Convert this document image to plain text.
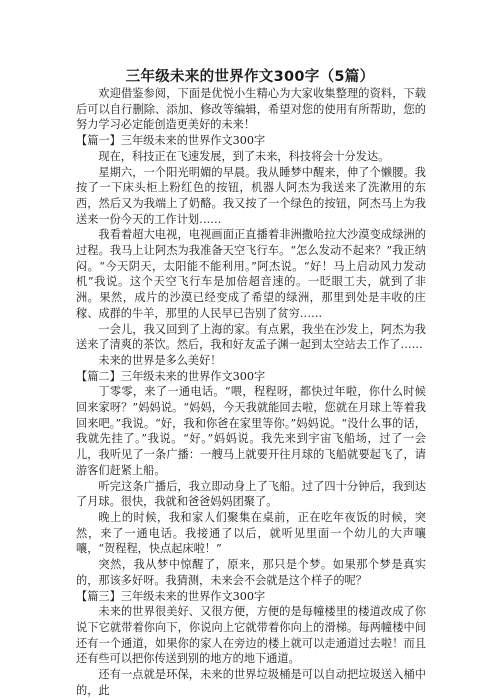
三年级未来的世界作文300字（5篇）

欢迎借鉴参阅，下面是优悦小生精心为大家收集整理的资料，下载后可以自行删除、添加、修改等编辑，希望对您的使用有所帮助，您的努力学习必定能创造更美好的未来！

【篇一】三年级未来的世界作文300字

现在，科技正在飞速发展，到了未来，科技将会十分发达。

星期六，一个阳光明媚的早晨。我从睡梦中醒来，伸了个懒腰。我按了一下床头柜上粉红色的按钮，机器人阿杰为我送来了洗漱用的东西，然后又为我端上了奶酪。我又按了一个绿色的按钮，阿杰马上为我送来一份今天的工作计划……

我看着超大电视，电视画面正直播着非洲撒哈拉大沙漠变成绿洲的过程。我马上让阿杰为我准备天空飞行车。“怎么发动不起来？”我正纳闷。“今天阴天，太阳能不能利用。”阿杰说。“好！马上启动风力发动机”我说。这个天空飞行车是加倍超音速的。一眨眼工夫，就到了非洲。果然，成片的沙漠已经变成了希望的绿洲，那里到处是丰收的庄稼、成群的牛羊，那里的人民早已告别了贫穷……

一会儿，我又回到了上海的家。有点累，我坐在沙发上，阿杰为我送来了清爽的茶饮。然后，我和好友孟子渊一起到太空站去工作了……

未来的世界是多么美好！

【篇二】三年级未来的世界作文300字

丁零零，来了一通电话。“喂，程程呀，都快过年啦，你什么时候回来家呀？”妈妈说。“妈妈，今天我就能回去啦，您就在月球上等着我回来吧。”我说。“好，我和你爸在家里等你。”妈妈说。“没什么事的话，我就先挂了。”我说。“好。”妈妈说。我先来到宇宙飞船场，过了一会儿，我听见了一条广播：一艘马上就要开往月球的飞船就要起飞了，请游客们赶紧上船。

听完这条广播后，我立即动身上了飞船。过了四十分钟后，我到达了月球。很快，我就和爸爸妈妈团聚了。

晚上的时候，我和家人们聚集在桌前，正在吃年夜饭的时候，突然，来了一通电话。我接通了以后，就听见里面一个幼儿的大声嚷嚷，“贺程程，快点起床啦！”

突然，我从梦中惊醒了，原来，那只是个梦。如果那个梦是真实的，那该多好呀。我猜测，未来会不会就是这个样子的呢？

【篇三】三年级未来的世界作文300字

未来的世界很美好、又很方便，方便的是每幢楼里的楼道改成了你说下它就带着你向下，你说向上它就带着你向上的滑梯。每两幢楼中间还有一个通道，如果你的家人在旁边的楼上就可以走通道过去啦！而且还有些可以把你传送到别的地方的地下通道。

还有一点就是环保，未来的世界垃圾桶是可以自动把垃圾送入桶中的，此
